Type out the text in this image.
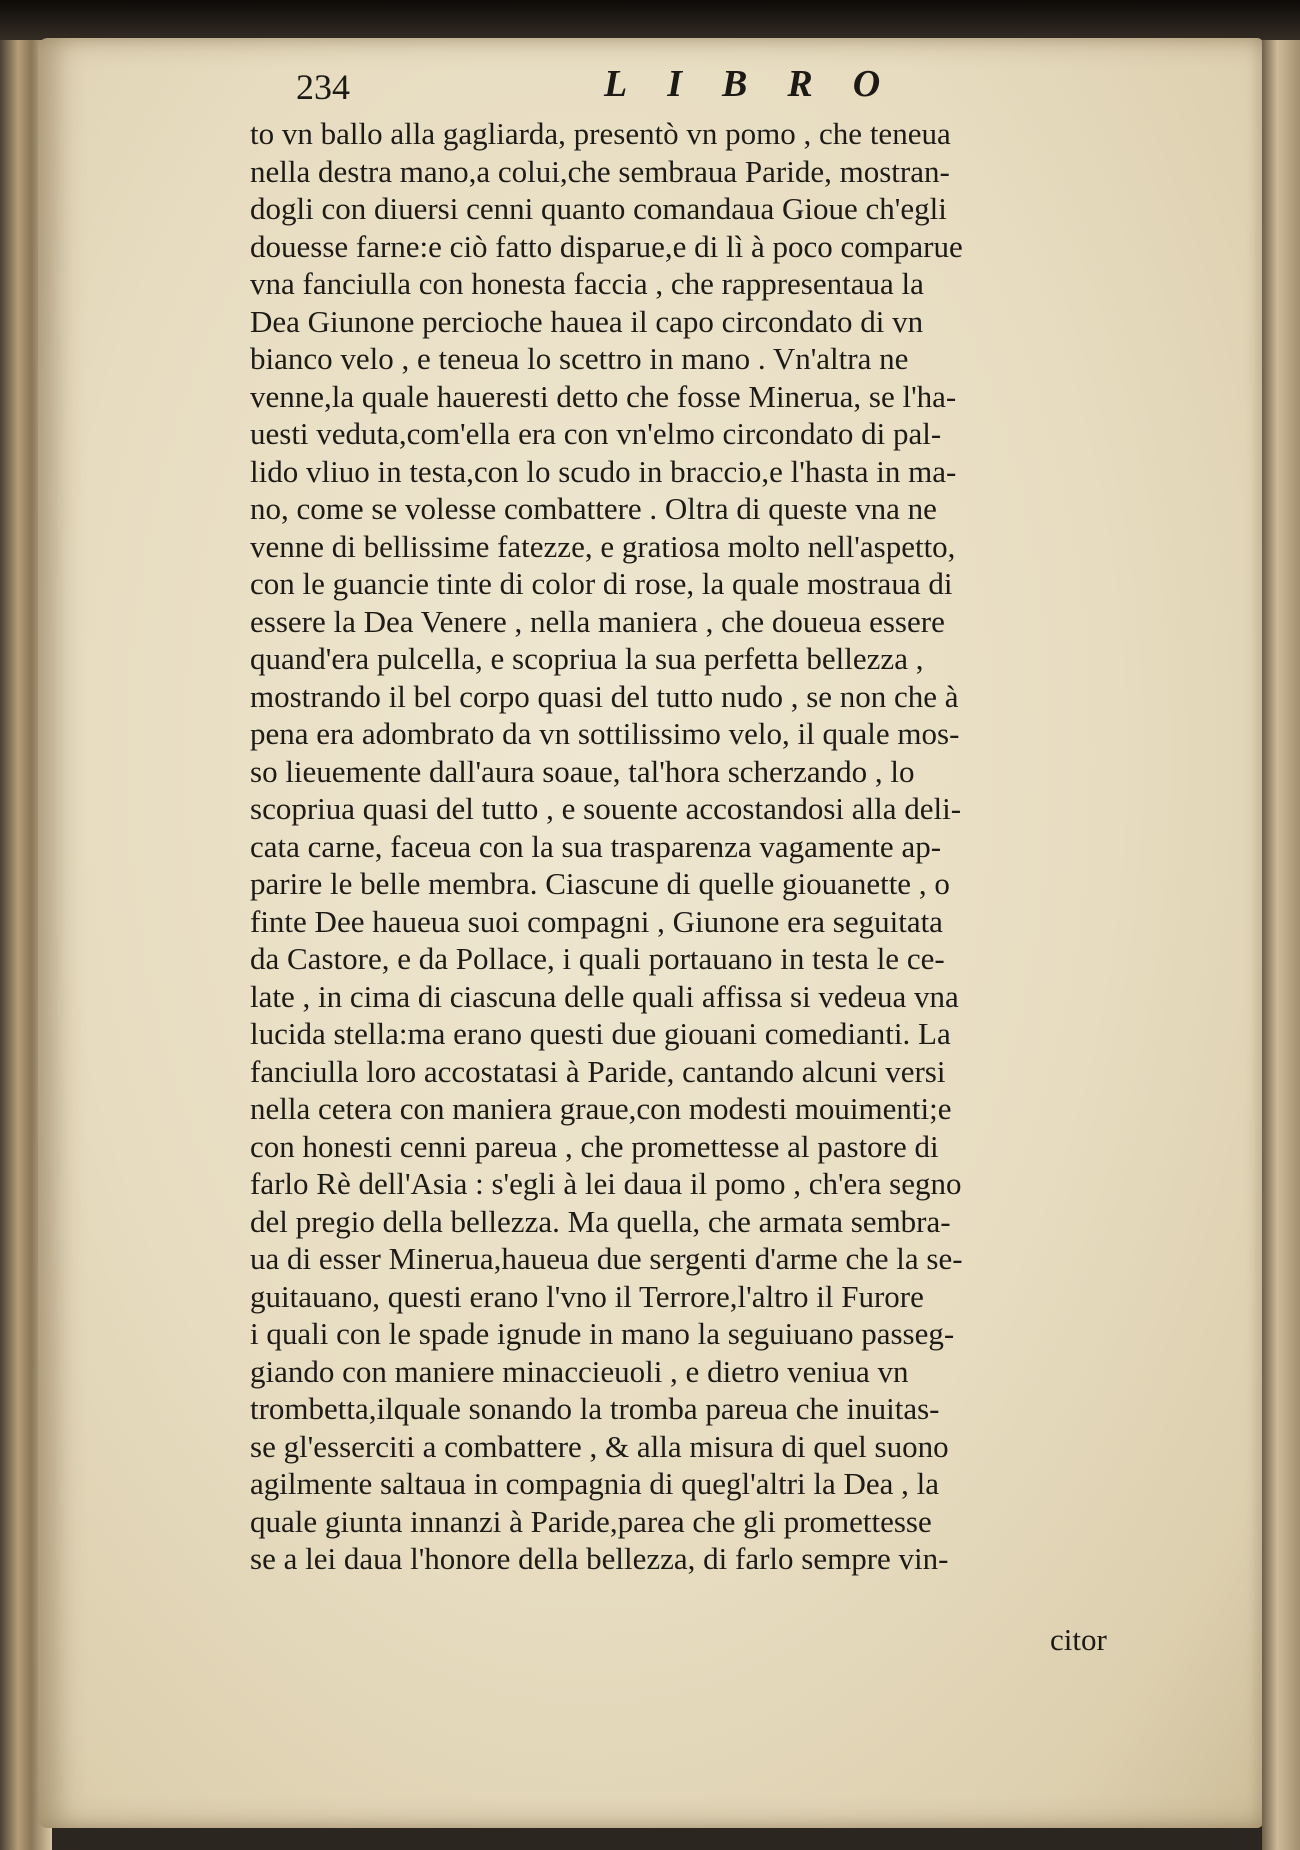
234	LIBRO
to vn ballo alla gagliarda, presentò vn pomo , che teneua
nella destra mano,a colui,che sembraua Paride, mostran-
dogli con diuersi cenni quanto comandaua Gioue ch'egli
douesse farne:e ciò fatto disparue,e di lì à poco comparue
vna fanciulla con honesta faccia , che rappresentaua la
Dea Giunone percioche hauea il capo circondato di vn
bianco velo , e teneua lo scettro in mano . Vn'altra ne
venne,la quale haueresti detto che fosse Minerua, se l'ha-
uesti veduta,com'ella era con vn'elmo circondato di pal-
lido vliuo in testa,con lo scudo in braccio,e l'hasta in ma-
no, come se volesse combattere . Oltra di queste vna ne
venne di bellissime fatezze, e gratiosa molto nell'aspetto,
con le guancie tinte di color di rose, la quale mostraua di
essere la Dea Venere , nella maniera , che doueua essere
quand'era pulcella, e scopriua la sua perfetta bellezza ,
mostrando il bel corpo quasi del tutto nudo , se non che à
pena era adombrato da vn sottilissimo velo, il quale mos-
so lieuemente dall'aura soaue, tal'hora scherzando , lo
scopriua quasi del tutto , e souente accostandosi alla deli-
cata carne, faceua con la sua trasparenza vagamente ap-
parire le belle membra. Ciascune di quelle giouanette , o
finte Dee haueua suoi compagni , Giunone era seguitata
da Castore, e da Pollace, i quali portauano in testa le ce-
late , in cima di ciascuna delle quali affissa si vedeua vna
lucida stella:ma erano questi due giouani comedianti. La
fanciulla loro accostatasi à Paride, cantando alcuni versi
nella cetera con maniera graue,con modesti mouimenti;e
con honesti cenni pareua , che promettesse al pastore di
farlo Rè dell'Asia : s'egli à lei daua il pomo , ch'era segno
del pregio della bellezza. Ma quella, che armata sembra-
ua di esser Minerua,haueua due sergenti d'arme che la se-
guitauano, questi erano l'vno il Terrore,l'altro il Furore
i quali con le spade ignude in mano la seguiuano passeg-
giando con maniere minaccieuoli , e dietro veniua vn
trombetta,ilquale sonando la tromba pareua che inuitas-
se gl'esserciti a combattere , & alla misura di quel suono
agilmente saltaua in compagnia di quegl'altri la Dea , la
quale giunta innanzi à Paride,parea che gli promettesse
se a lei daua l'honore della bellezza, di farlo sempre vin-
citor
